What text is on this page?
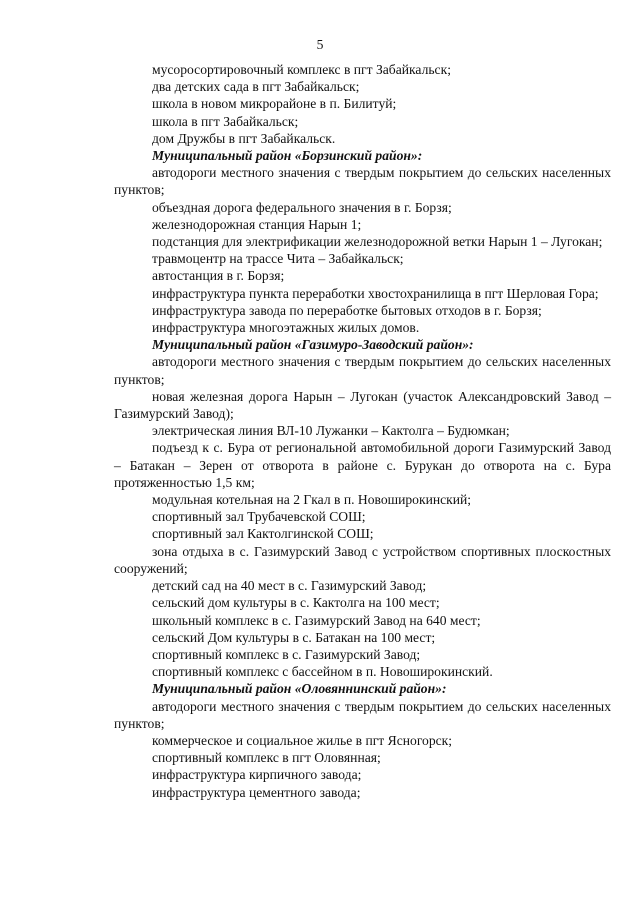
5

мусоросортировочный комплекс в пгт Забайкальск;

два детских сада в пгт Забайкальск;

школа в новом микрорайоне в п. Билитуй;

школа в пгт Забайкальск;

дом Дружбы в пгт Забайкальск.

Муниципальный район «Борзинский район»:

автодороги местного значения с твердым покрытием до сельских населенных пунктов;

объездная дорога федерального значения в г. Борзя;

железнодорожная станция Нарын 1;

подстанция для электрификации железнодорожной ветки Нарын 1 – Лугокан;

травмоцентр на трассе Чита – Забайкальск;

автостанция в г. Борзя;

инфраструктура пункта переработки хвостохранилища в пгт Шерловая Гора;

инфраструктура завода по переработке бытовых отходов в г. Борзя;

инфраструктура многоэтажных жилых домов.

Муниципальный район «Газимуро-Заводский район»:

автодороги местного значения с твердым покрытием до сельских населенных пунктов;

новая железная дорога Нарын – Лугокан (участок Александровский Завод – Газимурский Завод);

электрическая линия ВЛ-10 Лужанки – Кактолга – Будюмкан;

подъезд к с. Бура от региональной автомобильной дороги Газимурский Завод – Батакан – Зерен от отворота в районе с. Бурукан до отворота на с. Бура протяженностью 1,5 км;

модульная котельная на 2 Гкал в п. Новоширокинский;

спортивный зал Трубачевской СОШ;

спортивный зал Кактолгинской СОШ;

зона отдыха в с. Газимурский Завод с устройством спортивных плоскостных сооружений;

детский сад на 40 мест в с. Газимурский Завод;

сельский дом культуры в с. Кактолга на 100 мест;

школьный комплекс в с. Газимурский Завод на 640 мест;

сельский Дом культуры в с. Батакан на 100 мест;

спортивный комплекс в с. Газимурский Завод;

спортивный комплекс с бассейном в п. Новоширокинский.

Муниципальный район «Оловяннинский район»:

автодороги местного значения с твердым покрытием до сельских населенных пунктов;

коммерческое и социальное жилье в пгт Ясногорск;

спортивный комплекс в пгт Оловянная;

инфраструктура кирпичного завода;

инфраструктура цементного завода;
